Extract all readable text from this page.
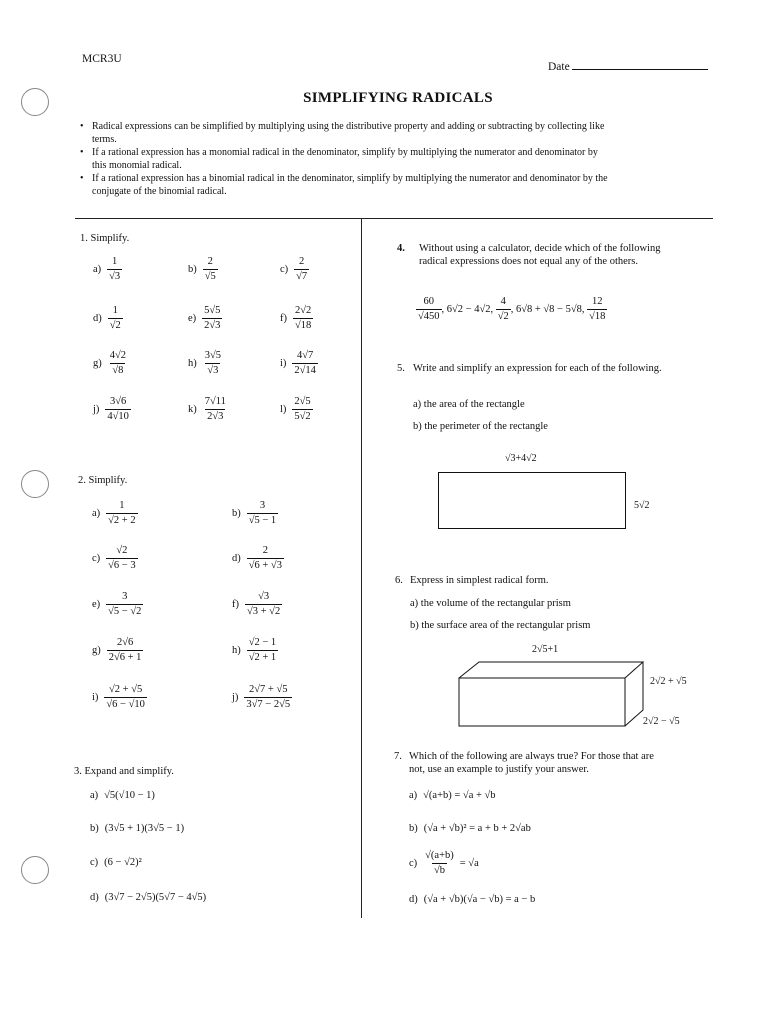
MCR3U
Date
SIMPLIFYING RADICALS
• Radical expressions can be simplified by multiplying using the distributive property and adding or subtracting by collecting like terms.
• If a rational expression has a monomial radical in the denominator, simplify by multiplying the numerator and denominator by this monomial radical.
• If a rational expression has a binomial radical in the denominator, simplify by multiplying the numerator and denominator by the conjugate of the binomial radical.
1. Simplify.
$a) \frac{1}{√3}$	$b) \frac{2}{√5}$	$c) \frac{2}{√7}$
$d) \frac{1}{√2}$	$e) \frac{5√5}{2√3}$	$f) \frac{2√2}{√18}$
$g) \frac{4√2}{√8}$	$h) \frac{3√5}{√3}$	$i) \frac{4√7}{2√14}$
$j) \frac{3√6}{4√10}$	$k) \frac{7√11}{2√3}$	$l) \frac{2√5}{5√2}$
2. Simplify.
$a) \frac{1}{√2 + 2}$	$b) \frac{3}{√5 - 1}$
$c) \frac{√2}{√6 - 3}$	$d) \frac{2}{√6 + √3}$
$e) \frac{3}{√5 - √2}$	$f) \frac{√3}{√3 + √2}$
$g) \frac{2√6}{2√6 + 1}$	$h) \frac{√2 - 1}{√2 + 1}$
$i) \frac{√2 + √5}{√6 - √10}$	$j) \frac{2√7 + √5}{3√7 - 2√5}$
3. Expand and simplify.
a) √5(√10 − 1)
b) (3√5 + 1)(3√5 − 1)
c) (6 − √2)²
d) (3√7 − 2√5)(5√7 − 4√5)
4. Without using a calculator, decide which of the following radical expressions does not equal any of the others.
$\frac{60}{√450}$ , 6√2 − 4√2, $\frac{4}{√2}$ , 6√8 + √8 − 5√8, $\frac{12}{√18}$
5. Write and simplify an expression for each of the following.
a) the area of the rectangle
b) the perimeter of the rectangle
√3+4√2
5√2
6. Express in simplest radical form.
a) the volume of the rectangular prism
b) the surface area of the rectangular prism
2√5+1
2√2 + √5
2√2 − √5
7. Which of the following are always true? For those that are not, use an example to justify your answer.
a) √(a+b) = √a + √b
b) (√a + √b)² = a + b + 2√ab
$c) \frac{√(a+b)}{√b} = √a$
d) (√a + √b)(√a − √b) = a − b
